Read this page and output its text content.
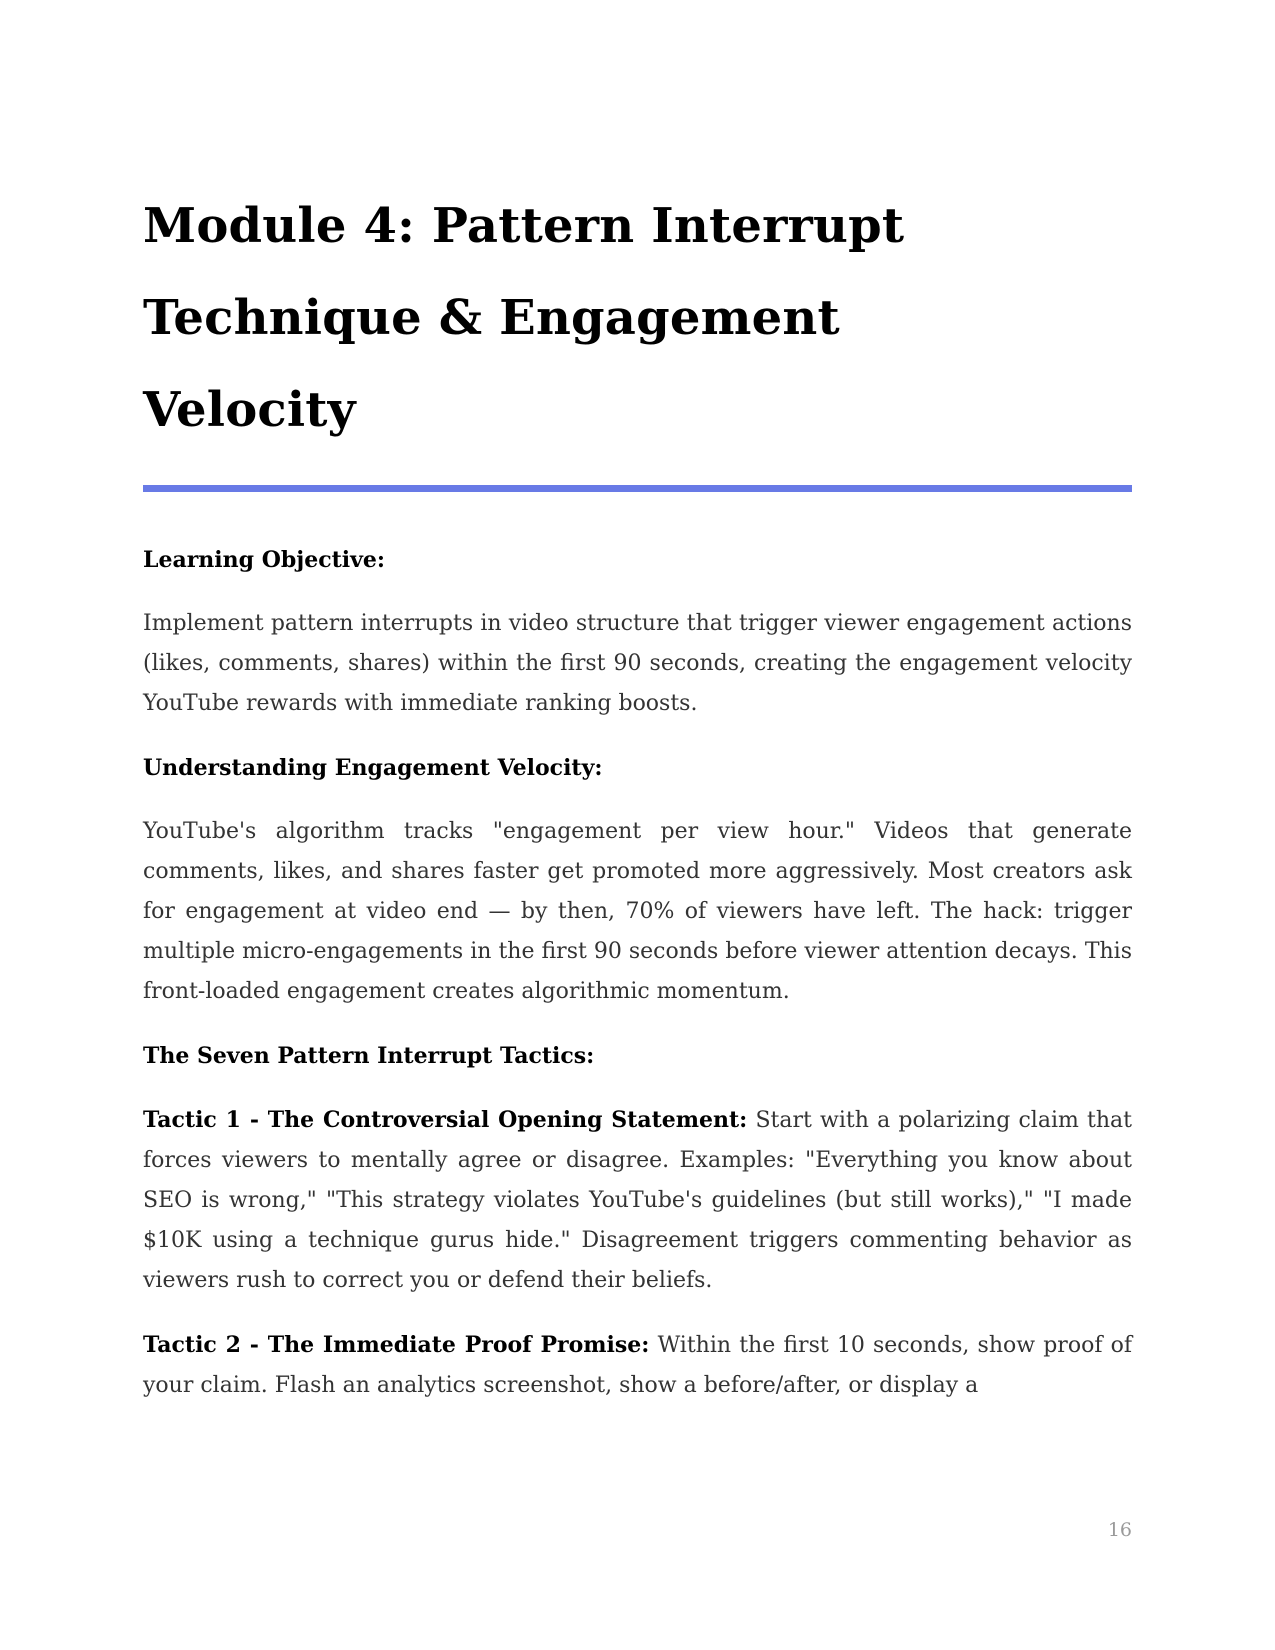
Module 4: Pattern Interrupt
Technique & Engagement
Velocity
Learning Objective:

Implement pattern interrupts in video structure that trigger viewer engagement actions (likes, comments, shares) within the first 90 seconds, creating the engagement velocity YouTube rewards with immediate ranking boosts.

Understanding Engagement Velocity:

YouTube's algorithm tracks "engagement per view hour." Videos that generate comments, likes, and shares faster get promoted more aggressively. Most creators ask for engagement at video end — by then, 70% of viewers have left. The hack: trigger multiple micro-engagements in the first 90 seconds before viewer attention decays. This front-loaded engagement creates algorithmic momentum.

The Seven Pattern Interrupt Tactics:

Tactic 1 - The Controversial Opening Statement: Start with a polarizing claim that forces viewers to mentally agree or disagree. Examples: "Everything you know about SEO is wrong," "This strategy violates YouTube's guidelines (but still works)," "I made $10K using a technique gurus hide." Disagreement triggers commenting behavior as viewers rush to correct you or defend their beliefs.

Tactic 2 - The Immediate Proof Promise: Within the first 10 seconds, show proof of your claim. Flash an analytics screenshot, show a before/after, or display a

16
